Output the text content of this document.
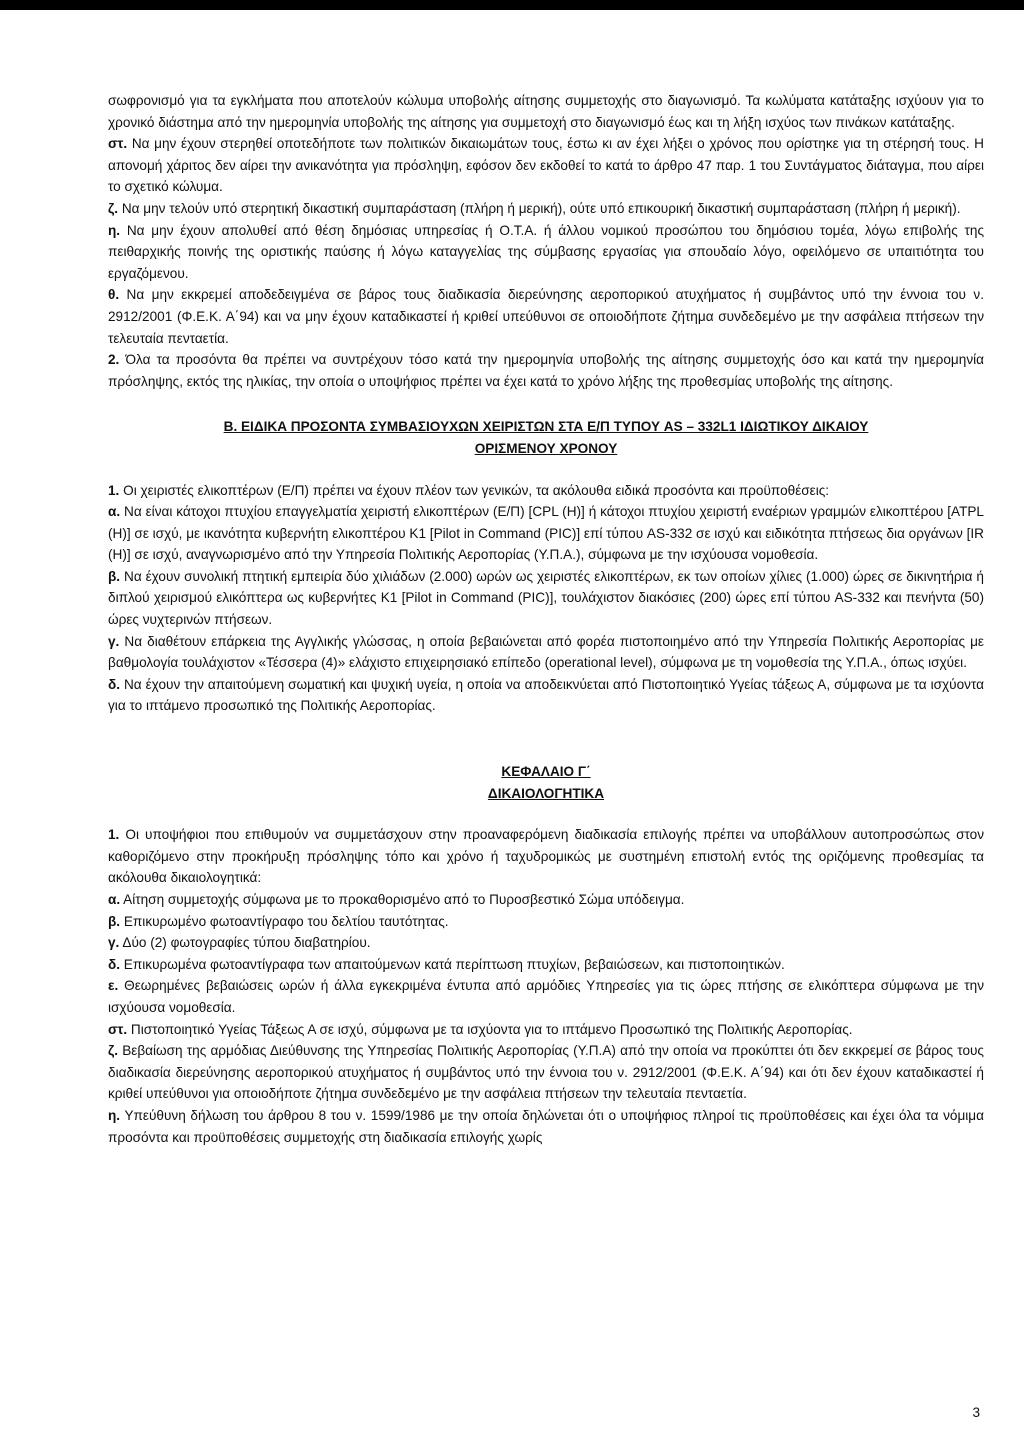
σωφρονισμό για τα εγκλήματα που αποτελούν κώλυμα υποβολής αίτησης συμμετοχής στο διαγωνισμό. Τα κωλύματα κατάταξης ισχύουν για το χρονικό διάστημα από την ημερομηνία υποβολής της αίτησης για συμμετοχή στο διαγωνισμό έως και τη λήξη ισχύος των πινάκων κατάταξης.

στ. Να μην έχουν στερηθεί οποτεδήποτε των πολιτικών δικαιωμάτων τους, έστω κι αν έχει λήξει ο χρόνος που ορίστηκε για τη στέρησή τους. Η απονομή χάριτος δεν αίρει την ανικανότητα για πρόσληψη, εφόσον δεν εκδοθεί το κατά το άρθρο 47 παρ. 1 του Συντάγματος διάταγμα, που αίρει το σχετικό κώλυμα.

ζ. Να μην τελούν υπό στερητική δικαστική συμπαράσταση (πλήρη ή μερική), ούτε υπό επικουρική δικαστική συμπαράσταση (πλήρη ή μερική).

η. Να μην έχουν απολυθεί από θέση δημόσιας υπηρεσίας ή Ο.Τ.Α. ή άλλου νομικού προσώπου του δημόσιου τομέα, λόγω επιβολής της πειθαρχικής ποινής της οριστικής παύσης ή λόγω καταγγελίας της σύμβασης εργασίας για σπουδαίο λόγο, οφειλόμενο σε υπαιτιότητα του εργαζόμενου.

θ. Να μην εκκρεμεί αποδεδειγμένα σε βάρος τους διαδικασία διερεύνησης αεροπορικού ατυχήματος ή συμβάντος υπό την έννοια του ν. 2912/2001 (Φ.Ε.Κ. Α΄94) και να μην έχουν καταδικαστεί ή κριθεί υπεύθυνοι σε οποιοδήποτε ζήτημα συνδεδεμένο με την ασφάλεια πτήσεων την τελευταία πενταετία.

2. Όλα τα προσόντα θα πρέπει να συντρέχουν τόσο κατά την ημερομηνία υποβολής της αίτησης συμμετοχής όσο και κατά την ημερομηνία πρόσληψης, εκτός της ηλικίας, την οποία ο υποψήφιος πρέπει να έχει κατά το χρόνο λήξης της προθεσμίας υποβολής της αίτησης.

Β. ΕΙΔΙΚΑ ΠΡΟΣΟΝΤΑ ΣΥΜΒΑΣΙΟΥΧΩΝ ΧΕΙΡΙΣΤΩΝ ΣΤΑ Ε/Π ΤΥΠΟΥ AS – 332L1 ΙΔΙΩΤΙΚΟΥ ΔΙΚΑΙΟΥ

ΟΡΙΣΜΕΝΟΥ ΧΡΟΝΟΥ

1. Οι χειριστές ελικοπτέρων (Ε/Π) πρέπει να έχουν πλέον των γενικών, τα ακόλουθα ειδικά προσόντα και προϋποθέσεις:

α. Να είναι κάτοχοι πτυχίου επαγγελματία χειριστή ελικοπτέρων (Ε/Π) [CPL (H)] ή κάτοχοι πτυχίου χειριστή εναέριων γραμμών ελικοπτέρου [ATPL (H)] σε ισχύ, με ικανότητα κυβερνήτη ελικοπτέρου Κ1 [Pilot in Command (PIC)] επί τύπου AS-332 σε ισχύ και ειδικότητα πτήσεως δια οργάνων [IR (H)] σε ισχύ, αναγνωρισμένο από την Υπηρεσία Πολιτικής Αεροπορίας (Υ.Π.Α.), σύμφωνα με την ισχύουσα νομοθεσία.

β. Να έχουν συνολική πτητική εμπειρία δύο χιλιάδων (2.000) ωρών ως χειριστές ελικοπτέρων, εκ των οποίων χίλιες (1.000) ώρες σε δικινητήρια ή διπλού χειρισμού ελικόπτερα ως κυβερνήτες Κ1 [Pilot in Command (PIC)], τουλάχιστον διακόσιες (200) ώρες επί τύπου AS-332 και πενήντα (50) ώρες νυχτερινών πτήσεων.

γ. Να διαθέτουν επάρκεια της Αγγλικής γλώσσας, η οποία βεβαιώνεται από φορέα πιστοποιημένο από την Υπηρεσία Πολιτικής Αεροπορίας με βαθμολογία τουλάχιστον «Τέσσερα (4)» ελάχιστο επιχειρησιακό επίπεδο (operational level), σύμφωνα με τη νομοθεσία της Υ.Π.Α., όπως ισχύει.

δ. Να έχουν την απαιτούμενη σωματική και ψυχική υγεία, η οποία να αποδεικνύεται από Πιστοποιητικό Υγείας τάξεως Α, σύμφωνα με τα ισχύοντα για το ιπτάμενο προσωπικό της Πολιτικής Αεροπορίας.

ΚΕΦΑΛΑΙΟ Γ΄

ΔΙΚΑΙΟΛΟΓΗΤΙΚΑ

1. Οι υποψήφιοι που επιθυμούν να συμμετάσχουν στην προαναφερόμενη διαδικασία επιλογής πρέπει να υποβάλλουν αυτοπροσώπως στον καθοριζόμενο στην προκήρυξη πρόσληψης τόπο και χρόνο ή ταχυδρομικώς με συστημένη επιστολή εντός της οριζόμενης προθεσμίας τα ακόλουθα δικαιολογητικά:

α. Αίτηση συμμετοχής σύμφωνα με το προκαθορισμένο από το Πυροσβεστικό Σώμα υπόδειγμα.

β. Επικυρωμένο φωτοαντίγραφο του δελτίου ταυτότητας.

γ. Δύο (2) φωτογραφίες τύπου διαβατηρίου.

δ. Επικυρωμένα φωτοαντίγραφα των απαιτούμενων κατά περίπτωση πτυχίων, βεβαιώσεων, και πιστοποιητικών.

ε. Θεωρημένες βεβαιώσεις ωρών ή άλλα εγκεκριμένα έντυπα από αρμόδιες Υπηρεσίες για τις ώρες πτήσης σε ελικόπτερα σύμφωνα με την ισχύουσα νομοθεσία.

στ. Πιστοποιητικό Υγείας Τάξεως Α σε ισχύ, σύμφωνα με τα ισχύοντα για το ιπτάμενο Προσωπικό της Πολιτικής Αεροπορίας.

ζ. Βεβαίωση της αρμόδιας Διεύθυνσης της Υπηρεσίας Πολιτικής Αεροπορίας (Υ.Π.Α) από την οποία να προκύπτει ότι δεν εκκρεμεί σε βάρος τους διαδικασία διερεύνησης αεροπορικού ατυχήματος ή συμβάντος υπό την έννοια του ν. 2912/2001 (Φ.Ε.Κ. Α΄94) και ότι δεν έχουν καταδικαστεί ή κριθεί υπεύθυνοι για οποιοδήποτε ζήτημα συνδεδεμένο με την ασφάλεια πτήσεων την τελευταία πενταετία.

η. Υπεύθυνη δήλωση του άρθρου 8 του ν. 1599/1986 με την οποία δηλώνεται ότι ο υποψήφιος πληροί τις προϋποθέσεις και έχει όλα τα νόμιμα προσόντα και προϋποθέσεις συμμετοχής στη διαδικασία επιλογής χωρίς

3
